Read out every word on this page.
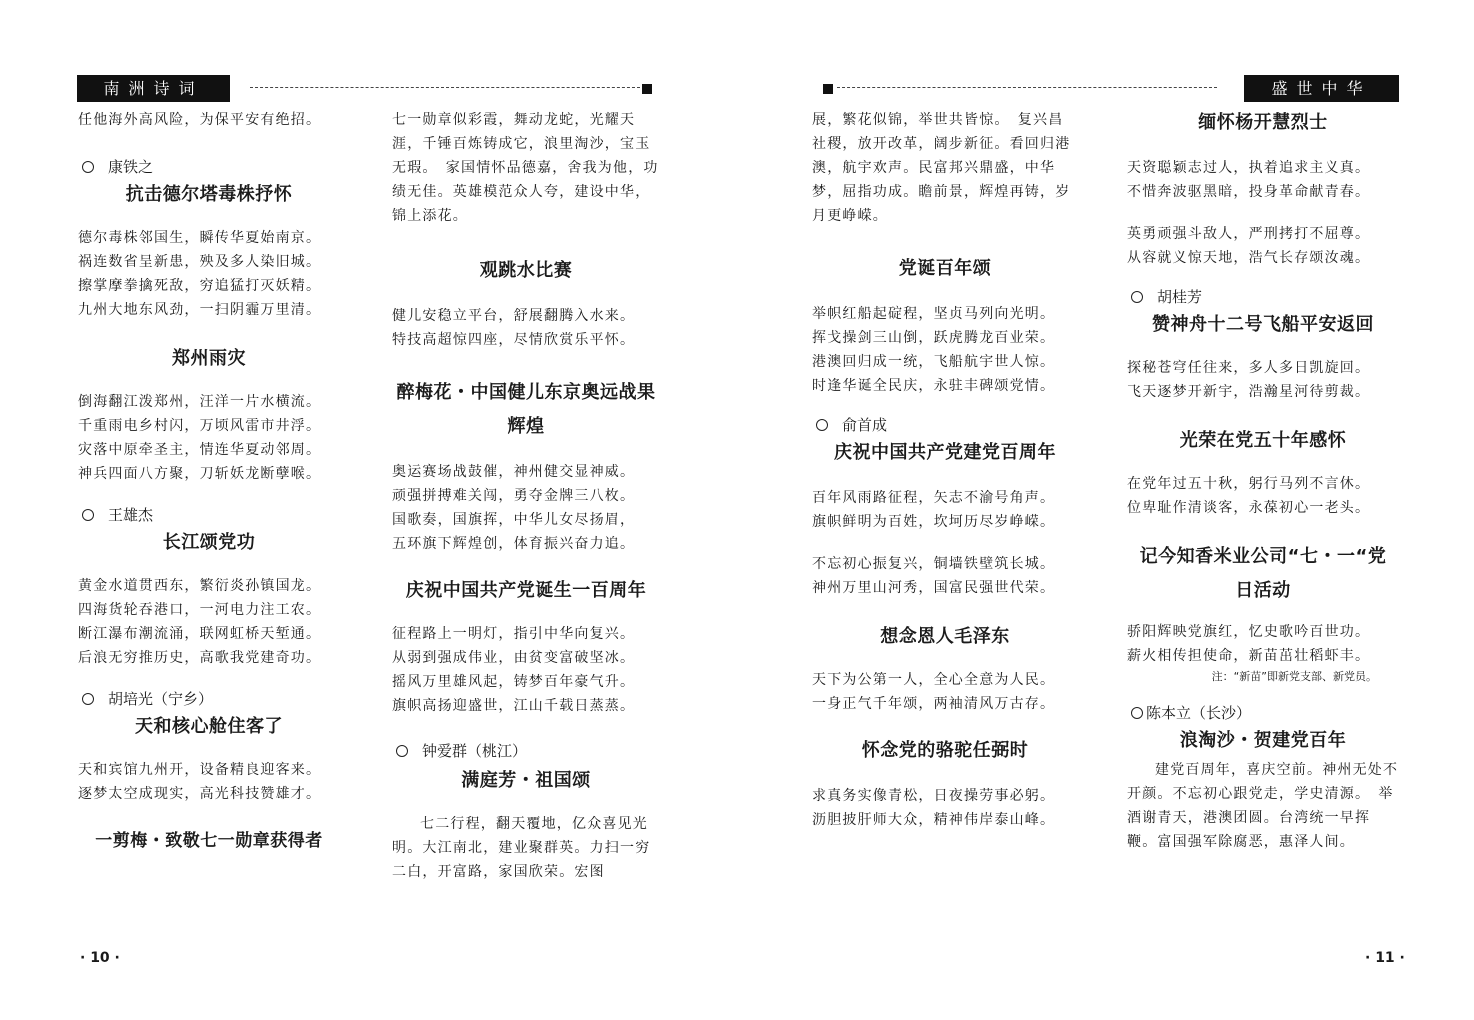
南洲诗词
任他海外高风险，为保平安有绝招。
康铁之
抗击德尔塔毒株抒怀
德尔毒株邻国生，瞬传华夏始南京。
祸连数省呈新患，殃及多人染旧城。
擦掌摩拳擒死敌，穷追猛打灭妖精。
九州大地东风劲，一扫阴霾万里清。
郑州雨灾
倒海翻江泼郑州，汪洋一片水横流。
千重雨电乡村闪，万顷风雷市井浮。
灾落中原牵圣主，情连华夏动邻周。
神兵四面八方聚，刀斩妖龙断孽喉。
王雄杰
长江颂党功
黄金水道贯西东，繁衍炎孙镇国龙。
四海货轮吞港口，一河电力注工农。
断江瀑布潮流涌，联网虹桥天堑通。
后浪无穷推历史，高歌我党建奇功。
胡培光（宁乡）
天和核心舱住客了
天和宾馆九州开，设备精良迎客来。
逐梦太空成现实，高光科技赞雄才。
一剪梅・致敬七一勋章获得者
七一勋章似彩霞，舞动龙蛇，光耀天涯，千锤百炼铸成它，浪里淘沙，宝玉无瑕。　家国情怀品德嘉，舍我为他，功绩无佳。英雄模范众人夸，建设中华，锦上添花。
观跳水比赛
健儿安稳立平台，舒展翻腾入水来。
特技高超惊四座，尽情欣赏乐平怀。
醉梅花・中国健儿东京奥远战果辉煌
奥运赛场战鼓催，神州健交显神威。
顽强拼搏难关闯，勇夺金牌三八枚。
国歌奏，国旗挥，中华儿女尽扬眉，
五环旗下辉煌创，体育振兴奋力追。
庆祝中国共产党诞生一百周年
征程路上一明灯，指引中华向复兴。
从弱到强成伟业，由贫变富破坚冰。
摇风万里雄风起，铸梦百年豪气升。
旗帜高扬迎盛世，江山千载日蒸蒸。
钟爱群（桃江）
满庭芳・祖国颂
七二行程，翻天覆地，亿众喜见光明。大江南北，建业聚群英。力扫一穷二白，开富路，家国欣荣。宏图
· 10 ·
盛世中华
展，繁花似锦，举世共皆惊。　复兴昌社稷，放开改革，阔步新征。看回归港澳，航宇欢声。民富邦兴鼎盛，中华梦，屈指功成。瞻前景，辉煌再铸，岁月更峥嵘。
党诞百年颂
举帜红船起碇程，坚贞马列向光明。
挥戈操剑三山倒，跃虎腾龙百业荣。
港澳回归成一统，飞船航宇世人惊。
时逢华诞全民庆，永驻丰碑颂党情。
俞首成
庆祝中国共产党建党百周年
百年风雨路征程，矢志不渝号角声。
旗帜鲜明为百姓，坎坷历尽岁峥嵘。
不忘初心振复兴，铜墙铁壁筑长城。
神州万里山河秀，国富民强世代荣。
想念恩人毛泽东
天下为公第一人，全心全意为人民。
一身正气千年颂，两袖清风万古存。
怀念党的骆驼任弼时
求真务实像青松，日夜操劳事必躬。
沥胆披肝师大众，精神伟岸泰山峰。
缅怀杨开慧烈士
天资聪颖志过人，执着追求主义真。
不惜奔波驱黑暗，投身革命献青春。
英勇顽强斗敌人，严刑拷打不屈尊。
从容就义惊天地，浩气长存颂汝魂。
胡桂芳
赞神舟十二号飞船平安返回
探秘苍穹任往来，多人多日凯旋回。
飞天逐梦开新宇，浩瀚星河待剪裁。
光荣在党五十年感怀
在党年过五十秋，躬行马列不言休。
位卑耻作清谈客，永葆初心一老头。
记今知香米业公司“七・一“党日活动
骄阳辉映党旗红，忆史歌吟百世功。
薪火相传担使命，新苗茁壮稻虾丰。
注：“新苗”即新党支部、新党员。
陈本立（长沙）
浪淘沙・贺建党百年
建党百周年，喜庆空前。神州无处不开颜。不忘初心跟党走，学史清源。　举酒谢青天，港澳团圆。台湾统一早挥鞭。富国强军除腐恶，惠泽人间。
· 11 ·
